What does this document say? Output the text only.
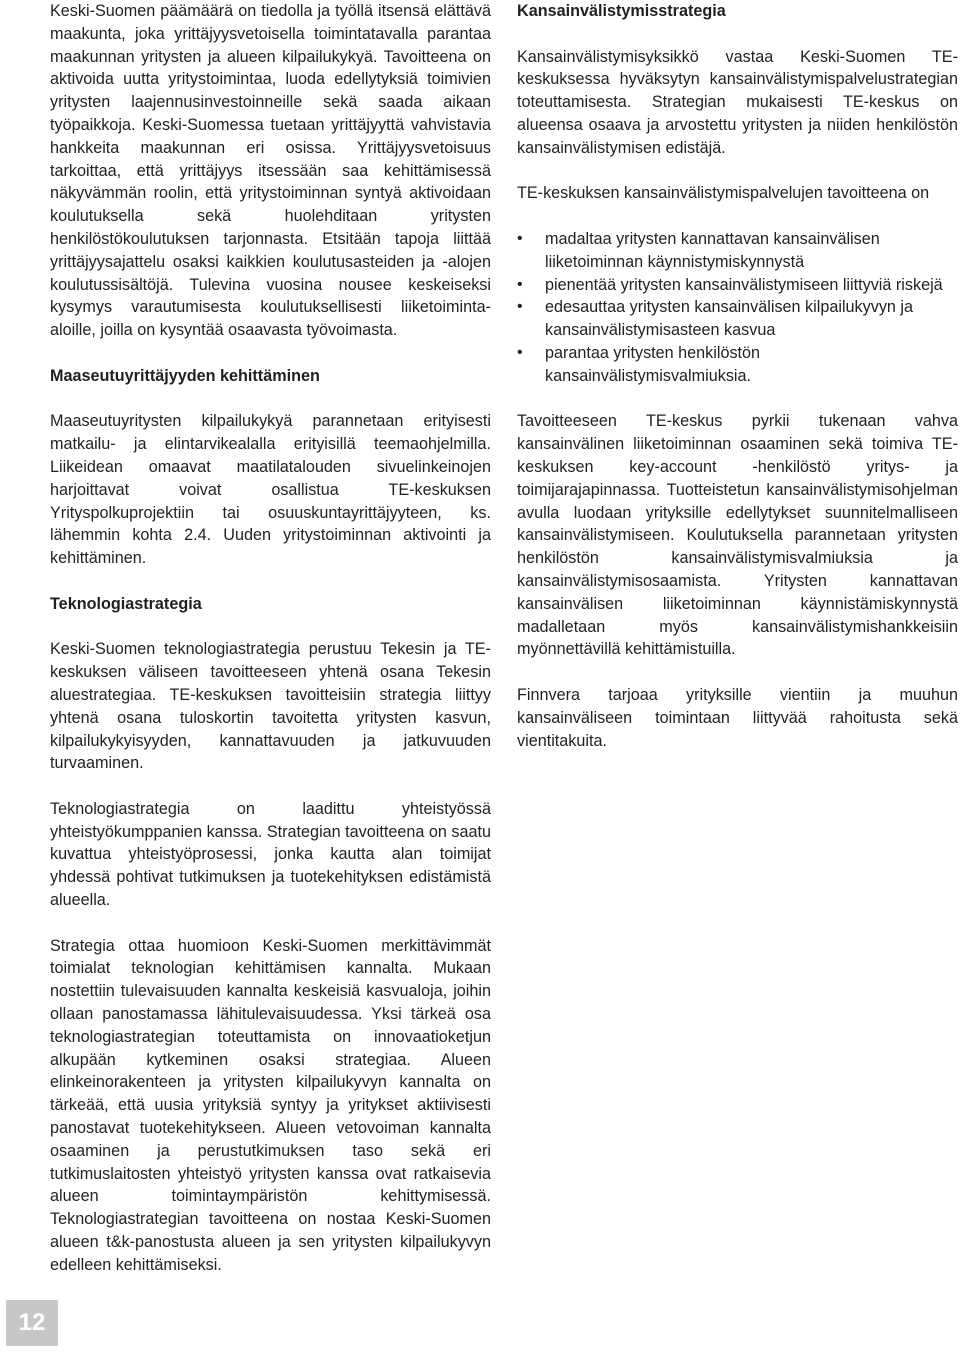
Keski-Suomen päämäärä on tiedolla ja työllä itsensä elättävä maakunta, joka yrittäjyysvetoisella toimintatavalla parantaa maakunnan yritysten ja alueen kilpailukykyä. Tavoitteena on aktivoida uutta yritystoimintaa, luoda edellytyksiä toimivien yritysten laajennusinvestoinneille sekä saada aikaan työpaikkoja. Keski-Suomessa tuetaan yrittäjyyttä vahvistavia hankkeita maakunnan eri osissa. Yrittäjyysvetoisuus tarkoittaa, että yrittäjyys itsessään saa kehittämisessä näkyvämmän roolin, että yritystoiminnan syntyä aktivoidaan koulutuksella sekä huolehditaan yritysten henkilöstökoulutuksen tarjonnasta. Etsitään tapoja liittää yrittäjyysajattelu osaksi kaikkien koulutusasteiden ja -alojen koulutussisältöjä. Tulevina vuosina nousee keskeiseksi kysymys varautumisesta koulutuksellisesti liiketoiminta-aloille, joilla on kysyntää osaavasta työvoimasta.

Maaseutuyrittäjyyden kehittäminen

Maaseutuyritysten kilpailukykyä parannetaan erityisesti matkailu- ja elintarvikealalla erityisillä teemaohjelmilla. Liikeidean omaavat maatilatalouden sivuelinkeinojen harjoittavat voivat osallistua TE-keskuksen Yrityspolkuprojektiin tai osuuskuntayrittäjyyteen, ks. lähemmin kohta 2.4. Uuden yritystoiminnan aktivointi ja kehittäminen.

Teknologiastrategia

Keski-Suomen teknologiastrategia perustuu Tekesin ja TE-keskuksen väliseen tavoitteeseen yhtenä osana Tekesin aluestrategiaa. TE-keskuksen tavoitteisiin strategia liittyy yhtenä osana tuloskortin tavoitetta yritysten kasvun, kilpailukykyisyyden, kannattavuuden ja jatkuvuuden turvaaminen.

Teknologiastrategia on laadittu yhteistyössä yhteistyökumppanien kanssa. Strategian tavoitteena on saatu kuvattua yhteistyöprosessi, jonka kautta alan toimijat yhdessä pohtivat tutkimuksen ja tuotekehityksen edistämistä alueella.

Strategia ottaa huomioon Keski-Suomen merkittävimmät toimialat teknologian kehittämisen kannalta. Mukaan nostettiin tulevaisuuden kannalta keskeisiä kasvualoja, joihin ollaan panostamassa lähitulevaisuudessa. Yksi tärkeä osa teknologiastrategian toteuttamista on innovaatioketjun alkupään kytkeminen osaksi strategiaa. Alueen elinkeinorakenteen ja yritysten kilpailukyvyn kannalta on tärkeää, että uusia yrityksiä syntyy ja yritykset aktiivisesti panostavat tuotekehitykseen. Alueen vetovoiman kannalta osaaminen ja perustutkimuksen taso sekä eri tutkimuslaitosten yhteistyö yritysten kanssa ovat ratkaisevia alueen toimintaympäristön kehittymisessä. Teknologiastrategian tavoitteena on nostaa Keski-Suomen alueen t&k-panostusta alueen ja sen yritysten kilpailukyvyn edelleen kehittämiseksi.

Kansainvälistymisstrategia

Kansainvälistymisyksikkö vastaa Keski-Suomen TE-keskuksessa hyväksytyn kansainvälistymispalvelustrategian toteuttamisesta. Strategian mukaisesti TE-keskus on alueensa osaava ja arvostettu yritysten ja niiden henkilöstön kansainvälistymisen edistäjä.

TE-keskuksen kansainvälistymispalvelujen tavoitteena on

• madaltaa yritysten kannattavan kansainvälisen liiketoiminnan käynnistymiskynnystä
• pienentää yritysten kansainvälistymiseen liittyviä riskejä
• edesauttaa yritysten kansainvälisen kilpailukyvyn ja kansainvälistymisasteen kasvua
• parantaa yritysten henkilöstön kansainvälistymisvalmiuksia.

Tavoitteeseen TE-keskus pyrkii tukenaan vahva kansainvälinen liiketoiminnan osaaminen sekä toimiva TE-keskuksen key-account -henkilöstö yritys- ja toimijarajapinnassa. Tuotteistetun kansainvälistymisohjelman avulla luodaan yrityksille edellytykset suunnitelmalliseen kansainvälistymiseen. Koulutuksella parannetaan yritysten henkilöstön kansainvälistymisvalmiuksia ja kansainvälistymisosaamista. Yritysten kannattavan kansainvälisen liiketoiminnan käynnistämiskynnystä madalletaan myös kansainvälistymishankkeisiin myönnettävillä kehittämistuilla.

Finnvera tarjoaa yrityksille vientiin ja muuhun kansainväliseen toimintaan liittyvää rahoitusta sekä vientitakuita.

12
